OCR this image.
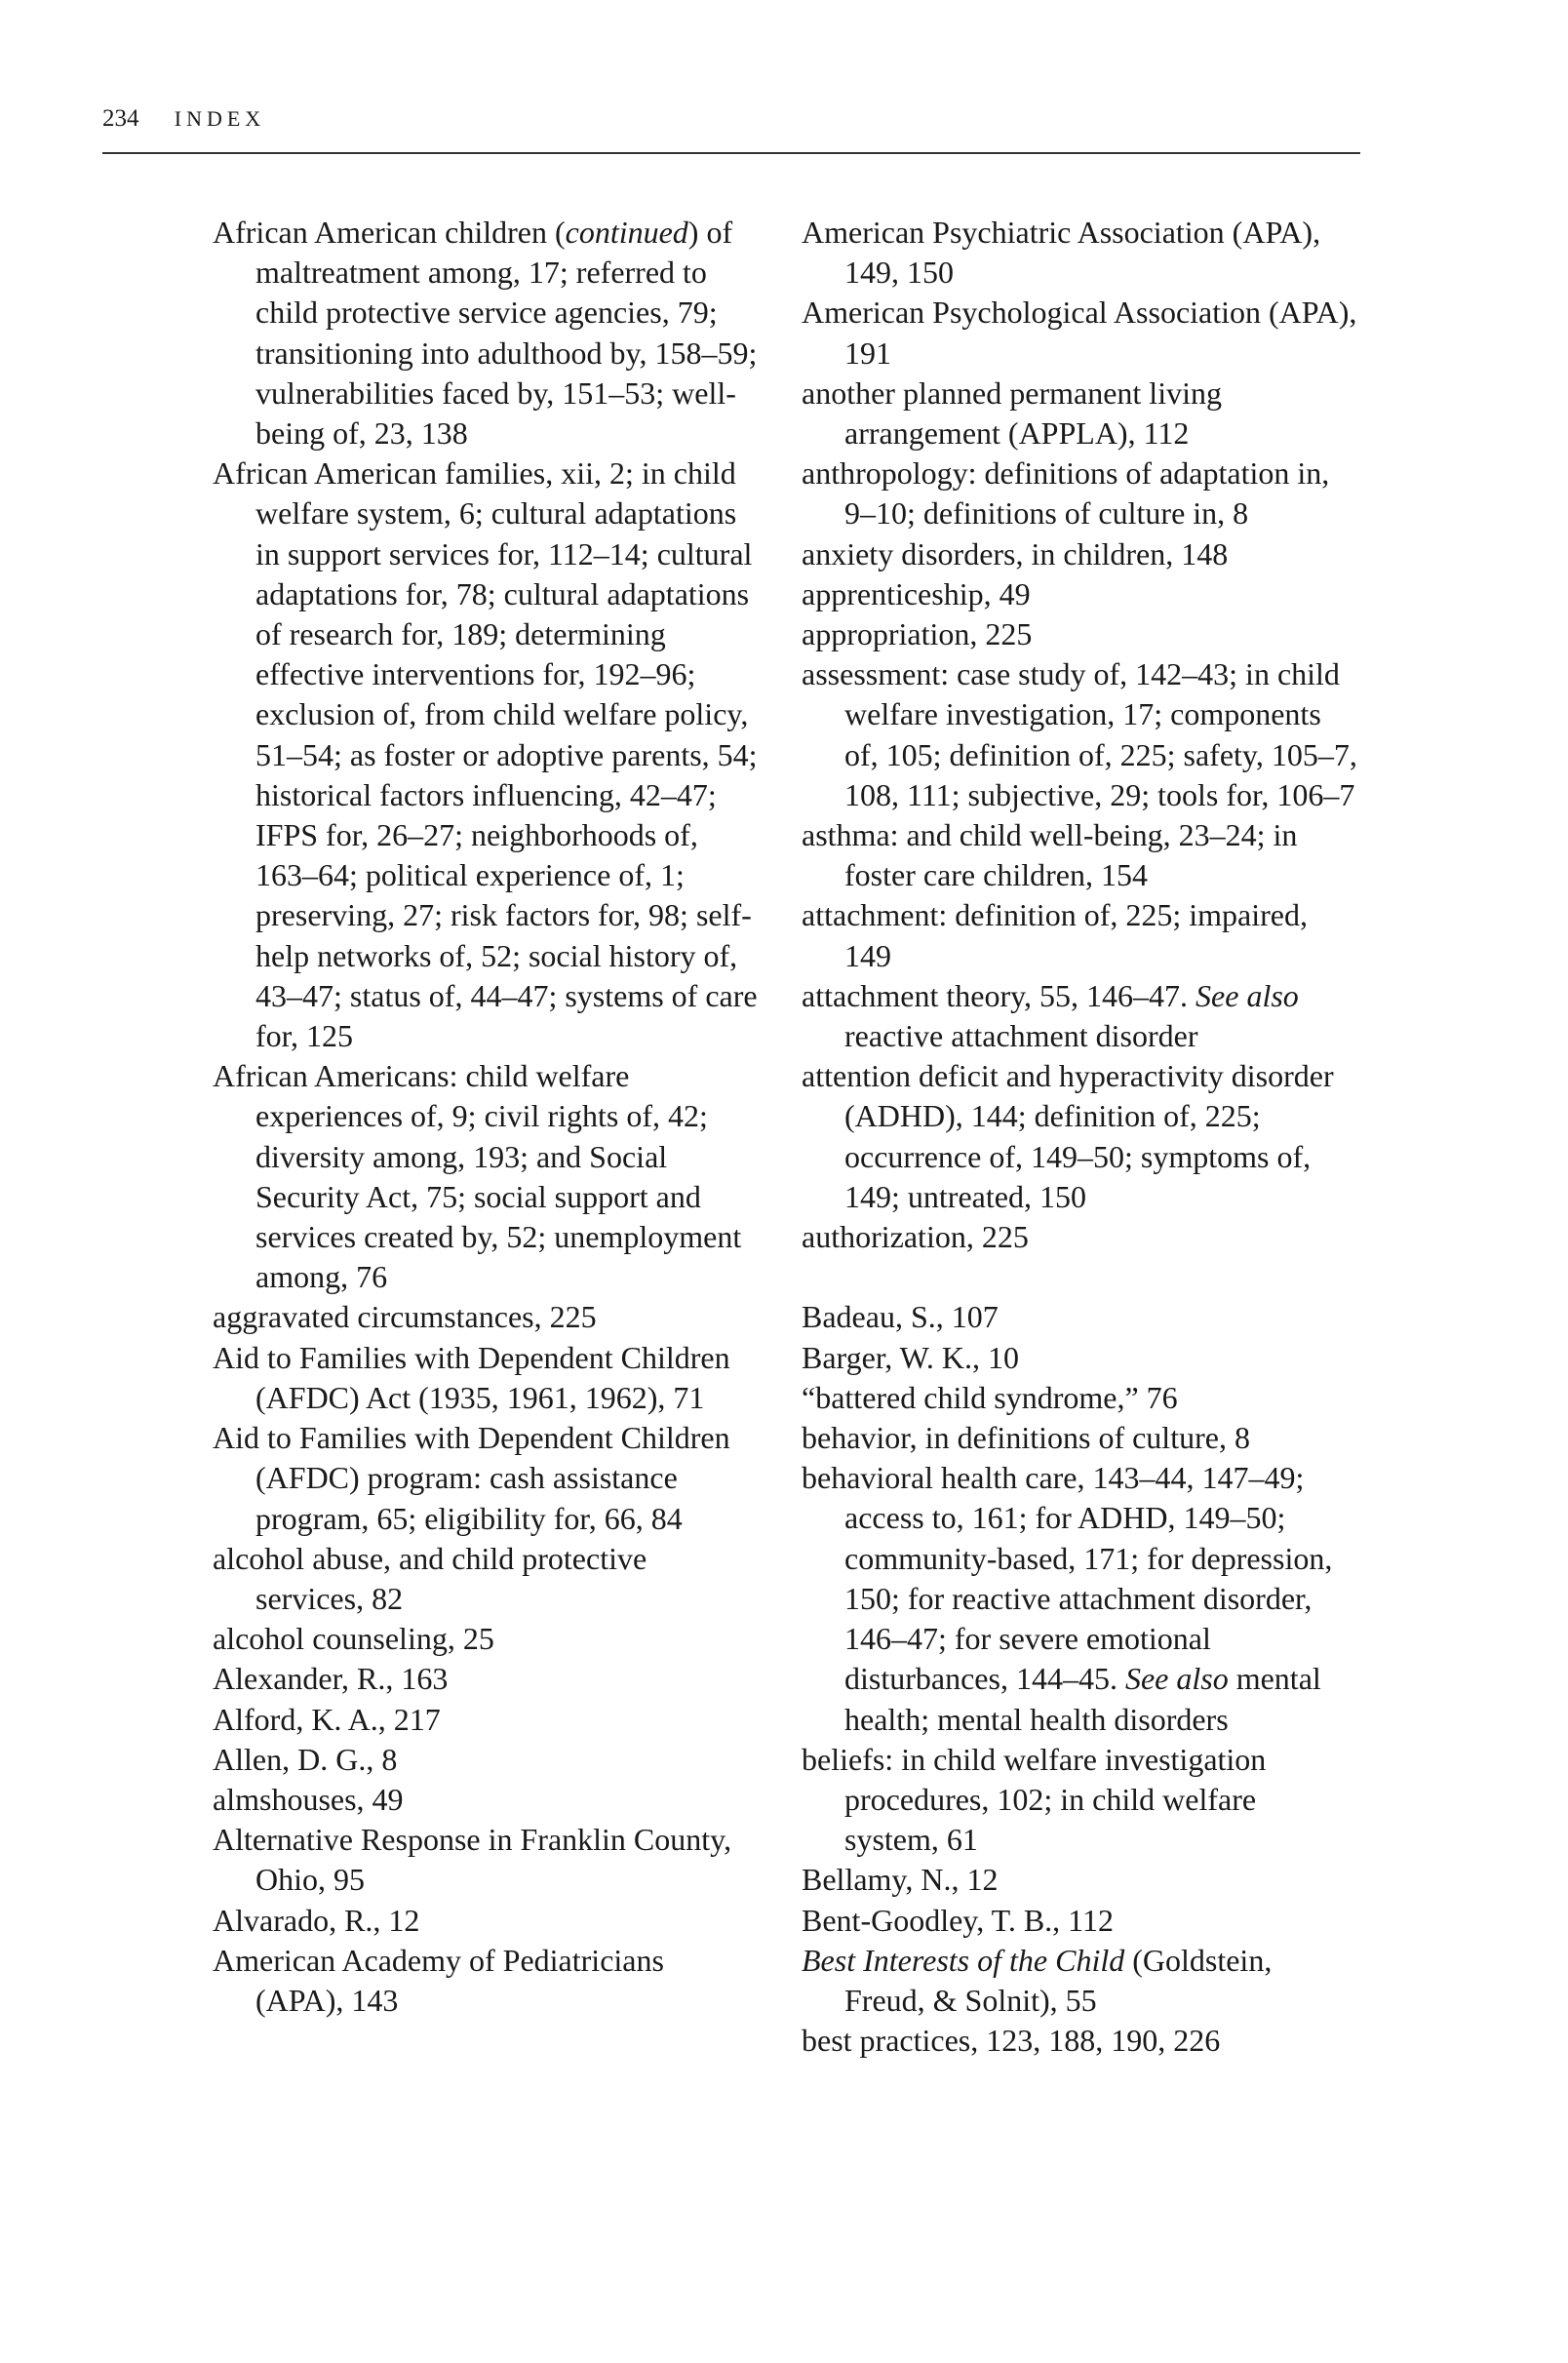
234 INDEX

African American children (continued) of maltreatment among, 17; referred to child protective service agencies, 79; transitioning into adulthood by, 158–59; vulnerabilities faced by, 151–53; well-being of, 23, 138

African American families, xii, 2; in child welfare system, 6; cultural adaptations in support services for, 112–14; cultural adaptations for, 78; cultural adaptations of research for, 189; determining effective interventions for, 192–96; exclusion of, from child welfare policy, 51–54; as foster or adoptive parents, 54; historical factors influencing, 42–47; IFPS for, 26–27; neighborhoods of, 163–64; political experience of, 1; preserving, 27; risk factors for, 98; self-help networks of, 52; social history of, 43–47; status of, 44–47; systems of care for, 125

African Americans: child welfare experiences of, 9; civil rights of, 42; diversity among, 193; and Social Security Act, 75; social support and services created by, 52; unemployment among, 76

aggravated circumstances, 225

Aid to Families with Dependent Children (AFDC) Act (1935, 1961, 1962), 71

Aid to Families with Dependent Children (AFDC) program: cash assistance program, 65; eligibility for, 66, 84

alcohol abuse, and child protective services, 82

alcohol counseling, 25

Alexander, R., 163

Alford, K. A., 217

Allen, D. G., 8

almshouses, 49

Alternative Response in Franklin County, Ohio, 95

Alvarado, R., 12

American Academy of Pediatricians (APA), 143

American Psychiatric Association (APA), 149, 150

American Psychological Association (APA), 191

another planned permanent living arrangement (APPLA), 112

anthropology: definitions of adaptation in, 9–10; definitions of culture in, 8

anxiety disorders, in children, 148

apprenticeship, 49

appropriation, 225

assessment: case study of, 142–43; in child welfare investigation, 17; components of, 105; definition of, 225; safety, 105–7, 108, 111; subjective, 29; tools for, 106–7

asthma: and child well-being, 23–24; in foster care children, 154

attachment: definition of, 225; impaired, 149

attachment theory, 55, 146–47. See also reactive attachment disorder

attention deficit and hyperactivity disorder (ADHD), 144; definition of, 225; occurrence of, 149–50; symptoms of, 149; untreated, 150

authorization, 225

Badeau, S., 107

Barger, W. K., 10

“battered child syndrome,” 76

behavior, in definitions of culture, 8

behavioral health care, 143–44, 147–49; access to, 161; for ADHD, 149–50; community-based, 171; for depression, 150; for reactive attachment disorder, 146–47; for severe emotional disturbances, 144–45. See also mental health; mental health disorders

beliefs: in child welfare investigation procedures, 102; in child welfare system, 61

Bellamy, N., 12

Bent-Goodley, T. B., 112

Best Interests of the Child (Goldstein, Freud, & Solnit), 55

best practices, 123, 188, 190, 226
